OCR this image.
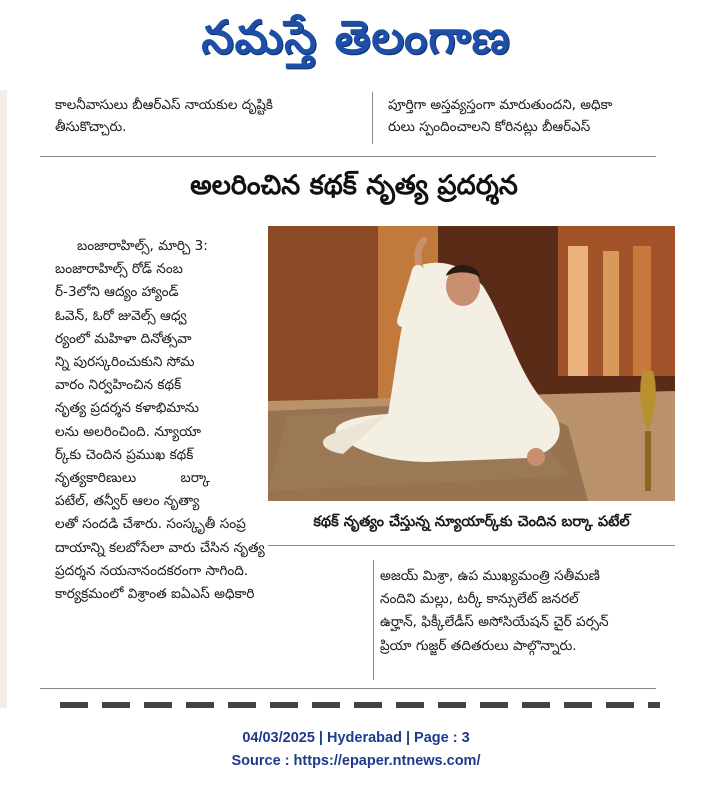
నమస్తే తెలంగాణ
కాలనీవాసులు బీఆర్ఎస్ నాయకుల దృష్టికి
తీసుకొచ్చారు.
పూర్తిగా అస్తవ్యస్తంగా మారుతుందని, అధికా
రులు స్పందించాలని కోరినట్లు బీఆర్ఎస్
అలరించిన కథక్ నృత్య ప్రదర్శన

బంజారాహిల్స్, మార్చి 3:

బంజారాహిల్స్ రోడ్ నంబ

ర్-3లోని ఆద్యం హ్యాండ్

ఓవెన్, ఓరో జువెల్స్ ఆధ్వ

ర్యంలో మహిళా దినోత్సవా

న్ని పురస్కరించుకుని సోమ

వారం నిర్వహించిన కథక్

నృత్య ప్రదర్శన కళాభిమాను

లను అలరించింది. న్యూయా

ర్క్‌కు చెందిన ప్రముఖ కథక్

నృత్యకారిణులు బర్కా

పటేల్, తన్వీర్ ఆలం నృత్యా

లతో సందడి చేశారు. సంస్కృతీ సంప్ర

దాయాన్ని కలబోసేలా వారు చేసిన నృత్య

ప్రదర్శన నయనానందకరంగా సాగింది.

కార్యక్రమంలో విశ్రాంత ఐఏఎస్ అధికారి

కథక్ నృత్యం చేస్తున్న న్యూయార్క్‌కు చెందిన బర్కా పటేల్

అజయ్ మిశ్రా, ఉప ముఖ్యమంత్రి సతీమణి

నందిని మల్లు, టర్కీ కాన్సులేట్ జనరల్

ఉర్హాన్, ఫిక్కీలేడీస్ అసోసియేషన్ చైర్ పర్సన్

ప్రియా గుజ్జర్ తదితరులు పాల్గొన్నారు.

04/03/2025 | Hyderabad | Page : 3
Source : https://epaper.ntnews.com/
